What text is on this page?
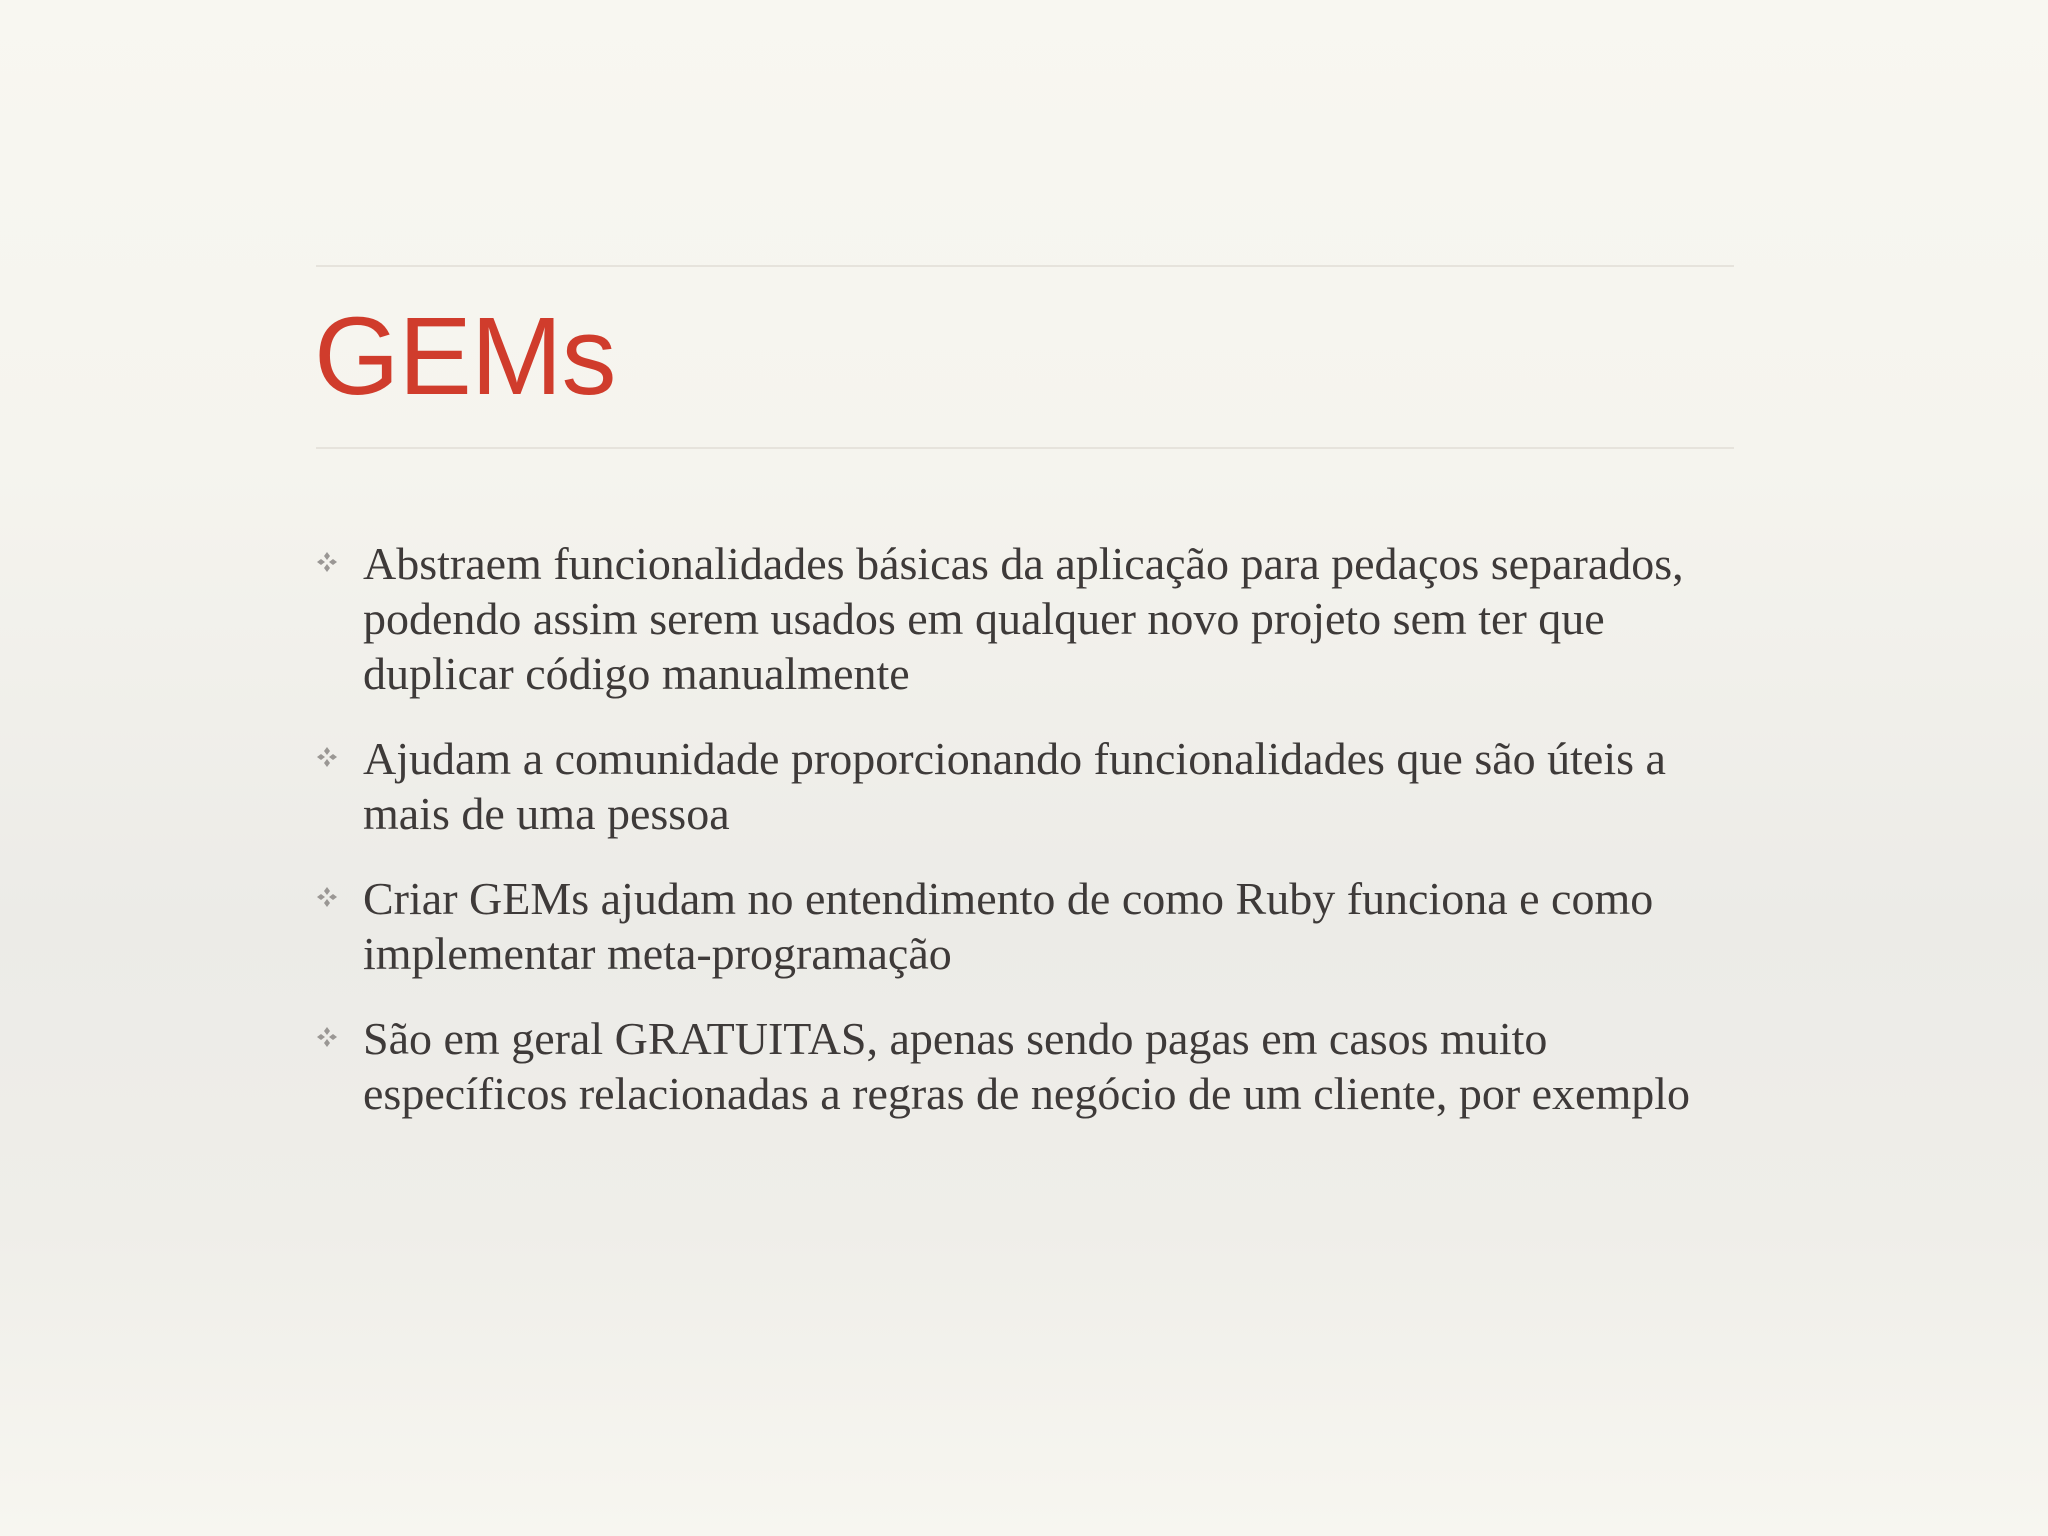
GEMs
Abstraem funcionalidades básicas da aplicação para pedaços separados, podendo assim serem usados em qualquer novo projeto sem ter que duplicar código manualmente
Ajudam a comunidade proporcionando funcionalidades que são úteis a mais de uma pessoa
Criar GEMs ajudam no entendimento de como Ruby funciona e como implementar meta-programação
São em geral GRATUITAS, apenas sendo pagas em casos muito específicos relacionadas a regras de negócio de um cliente, por exemplo
